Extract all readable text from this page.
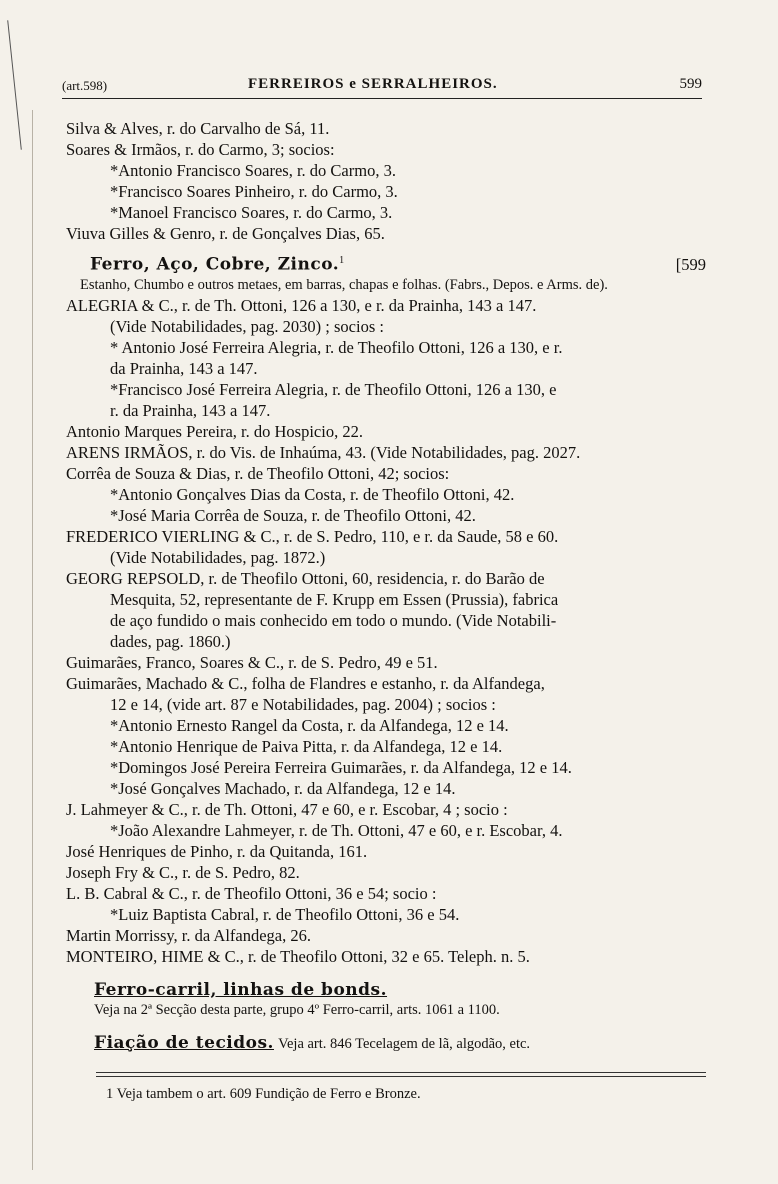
(art.598)	FERREIROS e SERRALHEIROS.	599
Silva & Alves, r. do Carvalho de Sá, 11.
Soares & Irmãos, r. do Carmo, 3; socios:
*Antonio Francisco Soares, r. do Carmo, 3.
*Francisco Soares Pinheiro, r. do Carmo, 3.
*Manoel Francisco Soares, r. do Carmo, 3.
Viuva Gilles & Genro, r. de Gonçalves Dias, 65.
Ferro, Aço, Cobre, Zinco.$^1$	[599
Estanho, Chumbo e outros metaes, em barras, chapas e folhas. (Fabrs., Depos. e Arms. de).
ALEGRIA & C., r. de Th. Ottoni, 126 a 130, e r. da Prainha, 143 a 147.
(Vide Notabilidades, pag. 2030) ; socios :
* Antonio José Ferreira Alegria, r. de Theofilo Ottoni, 126 a 130, e r.
da Prainha, 143 a 147.
*Francisco José Ferreira Alegria, r. de Theofilo Ottoni, 126 a 130, e
r. da Prainha, 143 a 147.
Antonio Marques Pereira, r. do Hospicio, 22.
ARENS IRMÃOS, r. do Vis. de Inhaúma, 43. (Vide Notabilidades, pag. 2027.
Corrêa de Souza & Dias, r. de Theofilo Ottoni, 42; socios:
*Antonio Gonçalves Dias da Costa, r. de Theofilo Ottoni, 42.
*José Maria Corrêa de Souza, r. de Theofilo Ottoni, 42.
FREDERICO VIERLING & C., r. de S. Pedro, 110, e r. da Saude, 58 e 60.
(Vide Notabilidades, pag. 1872.)
GEORG REPSOLD, r. de Theofilo Ottoni, 60, residencia, r. do Barão de
Mesquita, 52, representante de F. Krupp em Essen (Prussia), fabrica
de aço fundido o mais conhecido em todo o mundo. (Vide Notabili-
dades, pag. 1860.)
Guimarães, Franco, Soares & C., r. de S. Pedro, 49 e 51.
Guimarães, Machado & C., folha de Flandres e estanho, r. da Alfandega,
12 e 14, (vide art. 87 e Notabilidades, pag. 2004) ; socios :
*Antonio Ernesto Rangel da Costa, r. da Alfandega, 12 e 14.
*Antonio Henrique de Paiva Pitta, r. da Alfandega, 12 e 14.
*Domingos José Pereira Ferreira Guimarães, r. da Alfandega, 12 e 14.
*José Gonçalves Machado, r. da Alfandega, 12 e 14.
J. Lahmeyer & C., r. de Th. Ottoni, 47 e 60, e r. Escobar, 4 ; socio :
*João Alexandre Lahmeyer, r. de Th. Ottoni, 47 e 60, e r. Escobar, 4.
José Henriques de Pinho, r. da Quitanda, 161.
Joseph Fry & C., r. de S. Pedro, 82.
L. B. Cabral & C., r. de Theofilo Ottoni, 36 e 54; socio :
*Luiz Baptista Cabral, r. de Theofilo Ottoni, 36 e 54.
Martin Morrissy, r. da Alfandega, 26.
MONTEIRO, HIME & C., r. de Theofilo Ottoni, 32 e 65. Teleph. n. 5.
Ferro-carril, linhas de bonds.
Veja na 2ª Secção desta parte, grupo 4º Ferro-carril, arts. 1061 a 1100.
Fiação de tecidos. Veja art. 846 Tecelagem de lã, algodão, etc.
1 Veja tambem o art. 609 Fundição de Ferro e Bronze.
